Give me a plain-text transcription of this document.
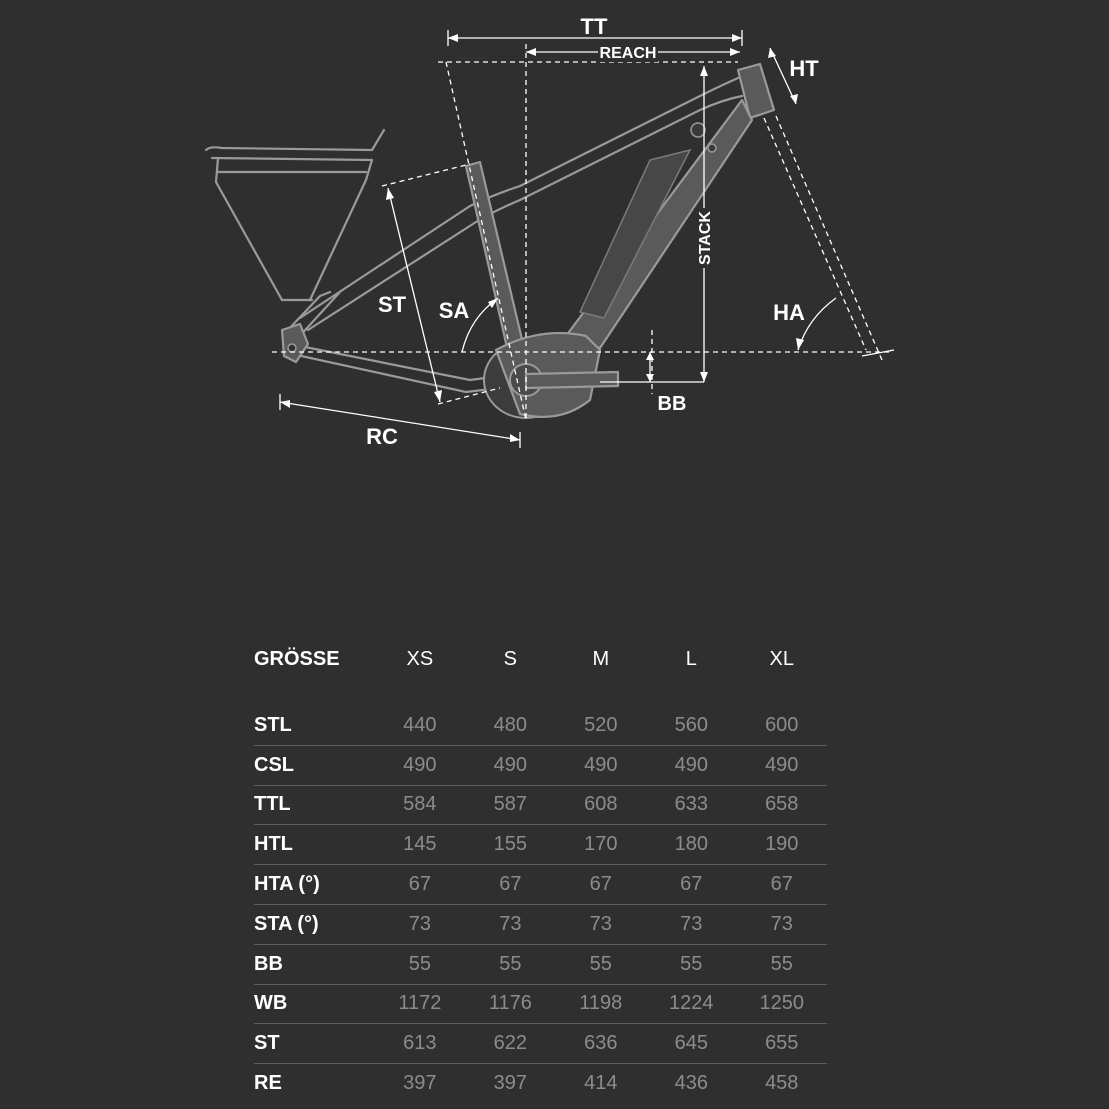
TT
REACH
HT
STACK
ST SA	HA
BB
RC
GRÖSSE	XS	S	M	L	XL
STL	440	480	520	560	600
CSL	490	490	490	490	490
TTL	584	587	608	633	658
HTL	145	155	170	180	190
HTA (°)	67	67	67	67	67
STA (°)	73	73	73	73	73
BB	55	55	55	55	55
WB	1172	1176	1198	1224	1250
ST	613	622	636	645	655
RE	397	397	414	436	458
